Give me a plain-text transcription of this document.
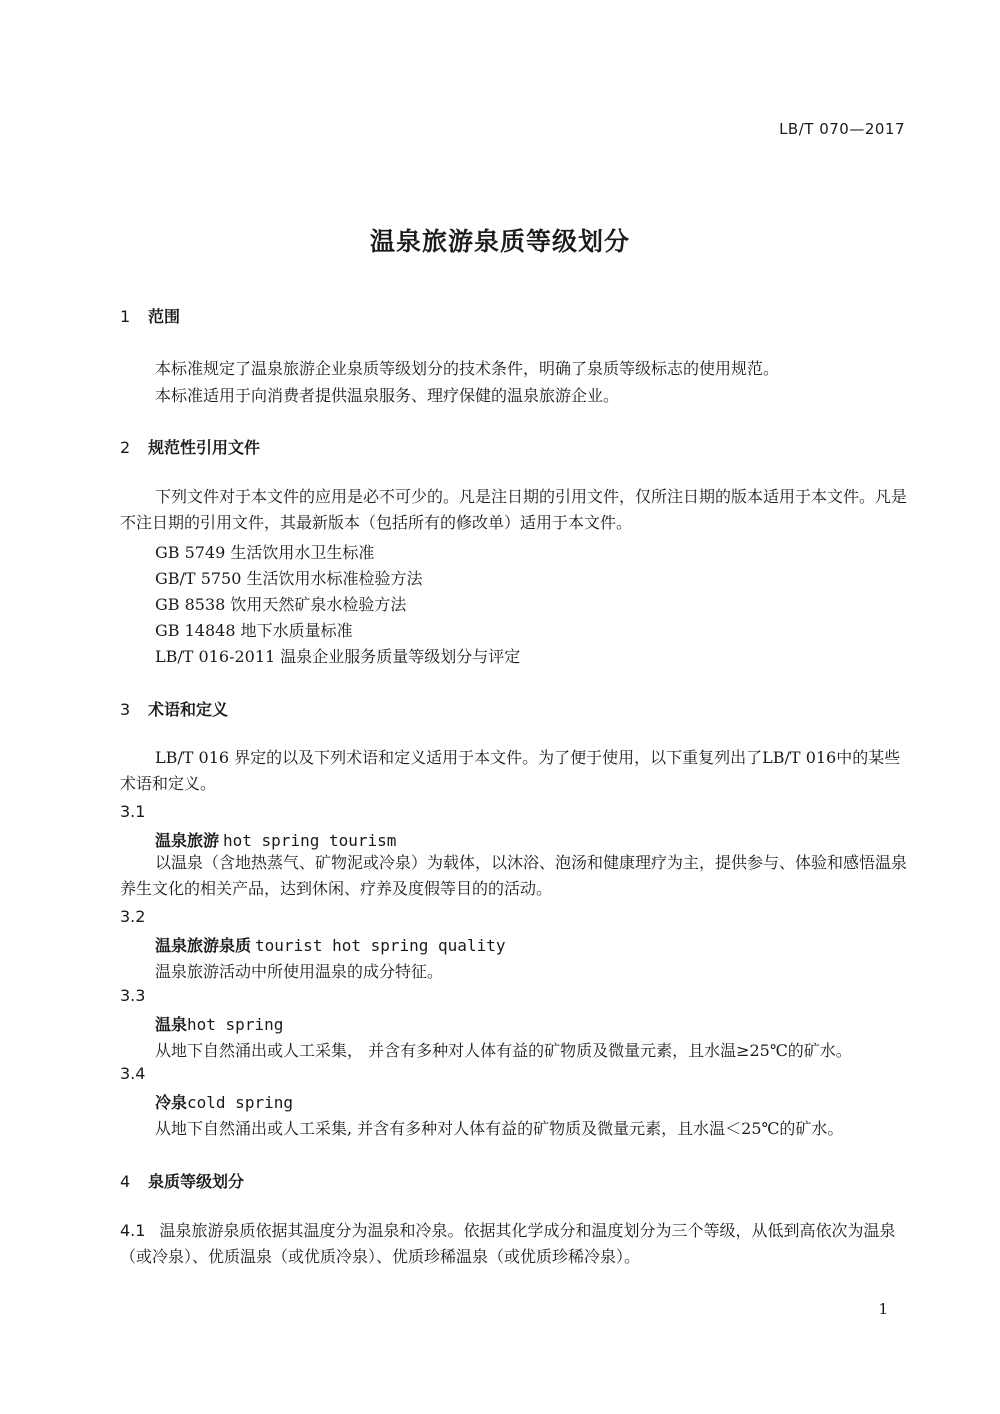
LB/T 070—2017
温泉旅游泉质等级划分
1 范围
本标准规定了温泉旅游企业泉质等级划分的技术条件，明确了泉质等级标志的使用规范。
本标准适用于向消费者提供温泉服务、理疗保健的温泉旅游企业。
2 规范性引用文件
下列文件对于本文件的应用是必不可少的。凡是注日期的引用文件，仅所注日期的版本适用于本文件。凡是不注日期的引用文件，其最新版本（包括所有的修改单）适用于本文件。
GB 5749 生活饮用水卫生标准
GB/T 5750 生活饮用水标准检验方法
GB 8538 饮用天然矿泉水检验方法
GB 14848 地下水质量标准
LB/T 016-2011 温泉企业服务质量等级划分与评定
3 术语和定义
LB/T 016 界定的以及下列术语和定义适用于本文件。为了便于使用，以下重复列出了LB/T 016中的某些术语和定义。
3.1
温泉旅游 hot spring tourism
以温泉（含地热蒸气、矿物泥或冷泉）为载体，以沐浴、泡汤和健康理疗为主，提供参与、体验和感悟温泉养生文化的相关产品，达到休闲、疗养及度假等目的的活动。
3.2
温泉旅游泉质 tourist hot spring quality
温泉旅游活动中所使用温泉的成分特征。
3.3
温泉hot spring
从地下自然涌出或人工采集， 并含有多种对人体有益的矿物质及微量元素，且水温≥25℃的矿水。
3.4
冷泉cold spring
从地下自然涌出或人工采集, 并含有多种对人体有益的矿物质及微量元素，且水温＜25℃的矿水。
4 泉质等级划分
4.1 温泉旅游泉质依据其温度分为温泉和冷泉。依据其化学成分和温度划分为三个等级，从低到高依次为温泉（或冷泉）、优质温泉（或优质冷泉）、优质珍稀温泉（或优质珍稀冷泉）。
1
